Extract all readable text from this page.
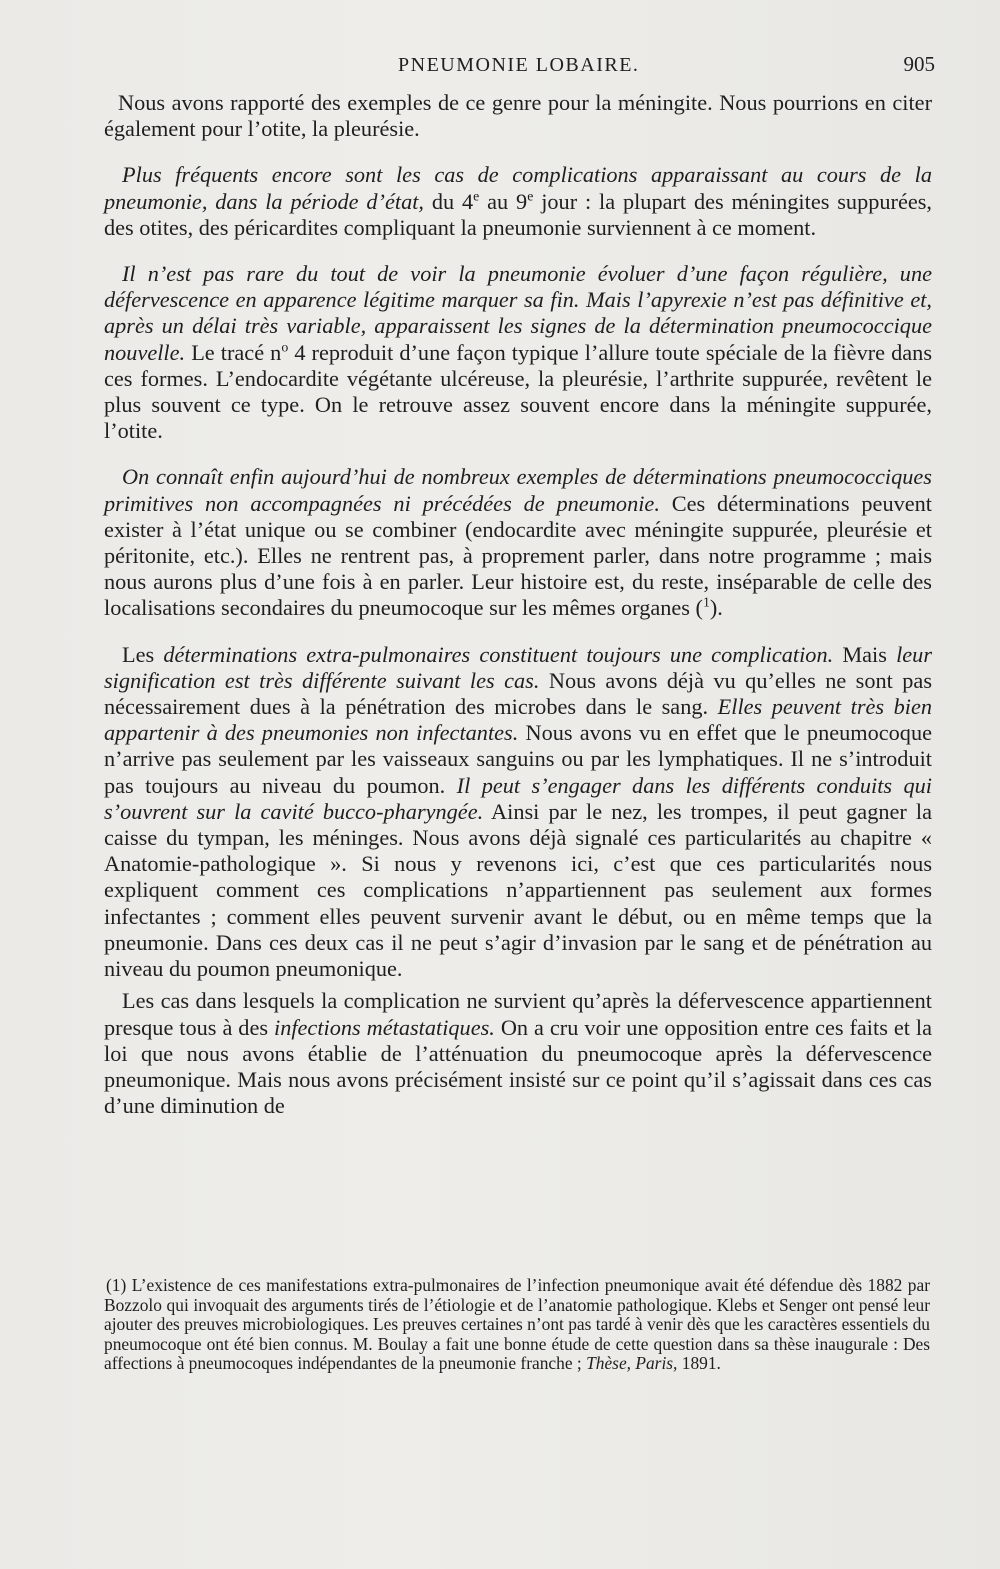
PNEUMONIE LOBAIRE.	905

Nous avons rapporté des exemples de ce genre pour la méningite. Nous pourrions en citer également pour l’otite, la pleurésie.

Plus fréquents encore sont les cas de complications apparaissant au cours de la pneumonie, dans la période d’état, du 4e au 9e jour : la plupart des méningites suppurées, des otites, des péricardites compliquant la pneumonie surviennent à ce moment.

Il n’est pas rare du tout de voir la pneumonie évoluer d’une façon régulière, une défervescence en apparence légitime marquer sa fin. Mais l’apyrexie n’est pas définitive et, après un délai très variable, apparaissent les signes de la détermination pneumococcique nouvelle. Le tracé $n^o$ 4 reproduit d’une façon typique l’allure toute spéciale de la fièvre dans ces formes. L’endocardite végétante ulcéreuse, la pleurésie, l’arthrite suppurée, revêtent le plus souvent ce type. On le retrouve assez souvent encore dans la méningite suppurée, l’otite.

On connaît enfin aujourd’hui de nombreux exemples de déterminations pneumococciques primitives non accompagnées ni précédées de pneumonie. Ces déterminations peuvent exister à l’état unique ou se combiner (endocardite avec méningite suppurée, pleurésie et péritonite, etc.). Elles ne rentrent pas, à proprement parler, dans notre programme ; mais nous aurons plus d’une fois à en parler. Leur histoire est, du reste, inséparable de celle des localisations secondaires du pneumocoque sur les mêmes organes ($^1$).

Les déterminations extra-pulmonaires constituent toujours une complication. Mais leur signification est très différente suivant les cas. Nous avons déjà vu qu’elles ne sont pas nécessairement dues à la pénétration des microbes dans le sang. Elles peuvent très bien appartenir à des pneumonies non infectantes. Nous avons vu en effet que le pneumocoque n’arrive pas seulement par les vaisseaux sanguins ou par les lymphatiques. Il ne s’introduit pas toujours au niveau du poumon. Il peut s’engager dans les différents conduits qui s’ouvrent sur la cavité bucco-pharyngée. Ainsi par le nez, les trompes, il peut gagner la caisse du tympan, les méninges. Nous avons déjà signalé ces particularités au chapitre « Anatomie-pathologique ». Si nous y revenons ici, c’est que ces particularités nous expliquent comment ces complications n’appartiennent pas seulement aux formes infectantes ; comment elles peuvent survenir avant le début, ou en même temps que la pneumonie. Dans ces deux cas il ne peut s’agir d’invasion par le sang et de pénétration au niveau du poumon pneumonique.

Les cas dans lesquels la complication ne survient qu’après la défervescence appartiennent presque tous à des infections métastatiques. On a cru voir une opposition entre ces faits et la loi que nous avons établie de l’atténuation du pneumocoque après la défervescence pneumonique. Mais nous avons précisément insisté sur ce point qu’il s’agissait dans ces cas d’une diminution de

(1) L’existence de ces manifestations extra-pulmonaires de l’infection pneumonique avait été défendue dès 1882 par Bozzolo qui invoquait des arguments tirés de l’étiologie et de l’anatomie pathologique. Klebs et Senger ont pensé leur ajouter des preuves microbiologiques. Les preuves certaines n’ont pas tardé à venir dès que les caractères essentiels du pneumocoque ont été bien connus. M. Boulay a fait une bonne étude de cette question dans sa thèse inaugurale : Des affections à pneumocoques indépendantes de la pneumonie franche ; Thèse, Paris, 1891.
